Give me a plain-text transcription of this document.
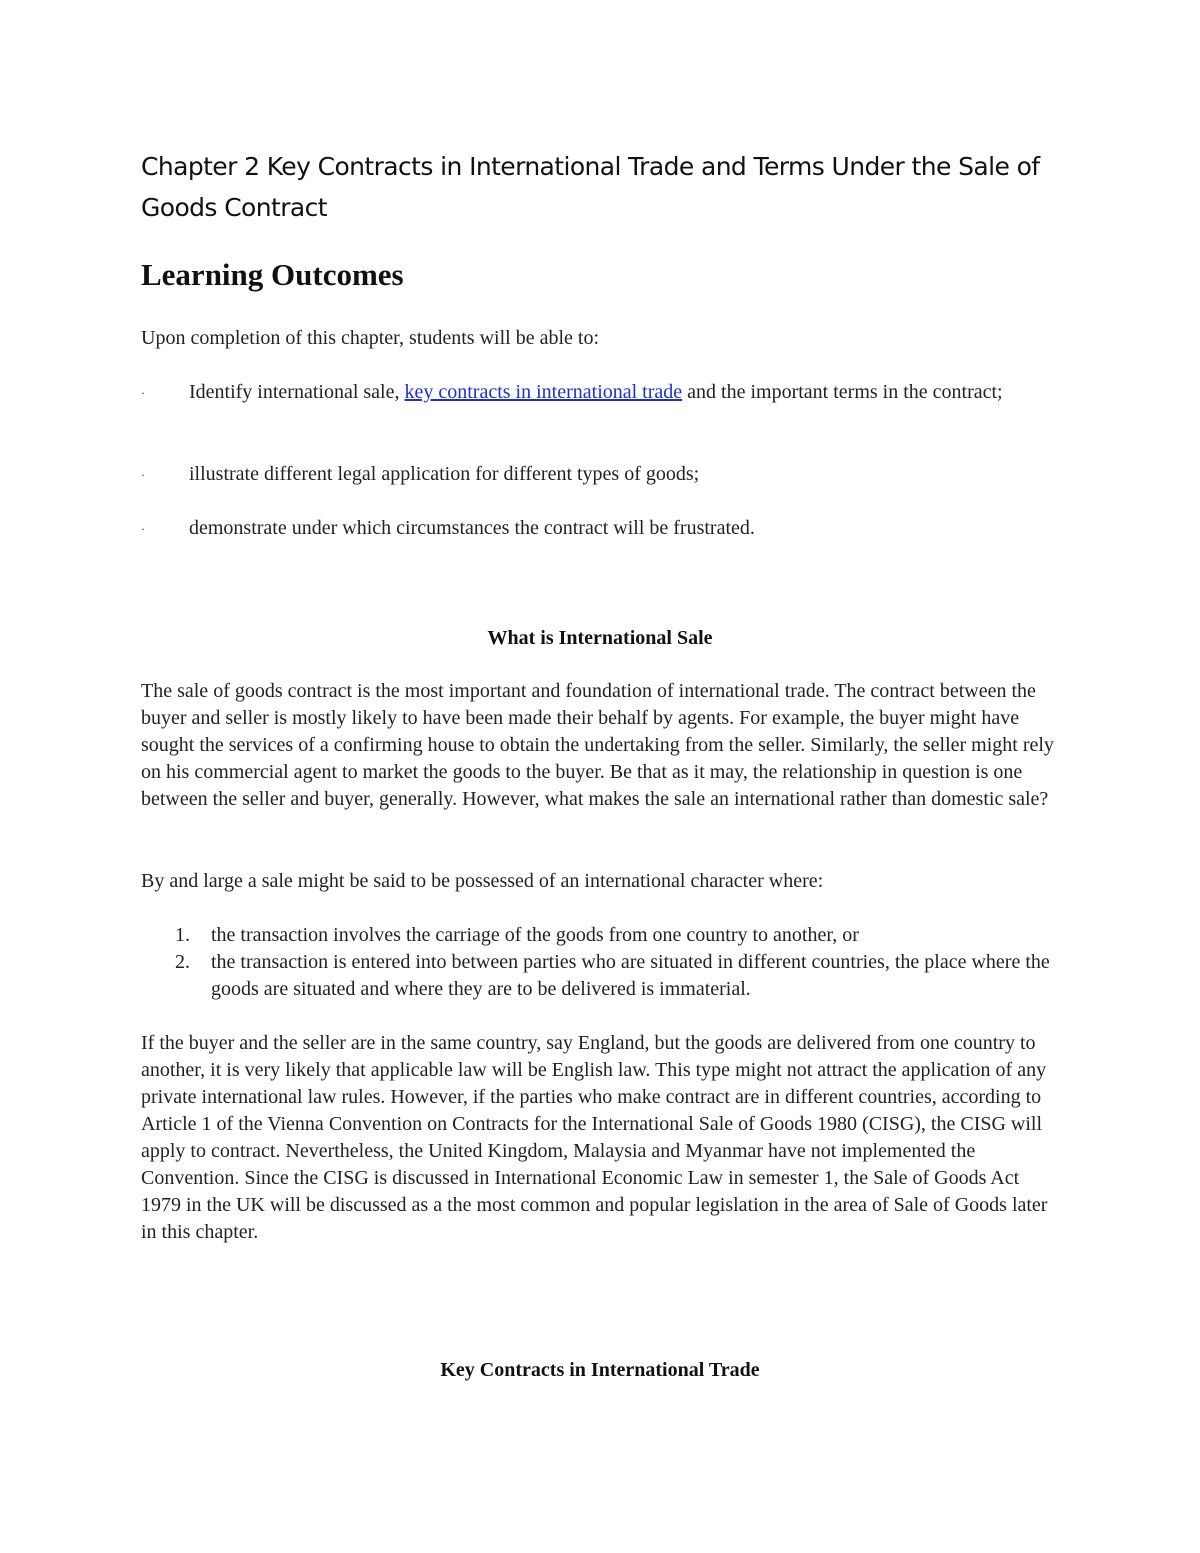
Chapter 2 Key Contracts in International Trade and Terms Under the Sale of Goods Contract
Learning Outcomes
Upon completion of this chapter, students will be able to:
· Identify international sale, key contracts in international trade and the important terms in the contract;
· illustrate different legal application for different types of goods;
· demonstrate under which circumstances the contract will be frustrated.
What is International Sale

The sale of goods contract is the most important and foundation of international trade. The contract between the buyer and seller is mostly likely to have been made their behalf by agents. For example, the buyer might have sought the services of a confirming house to obtain the undertaking from the seller. Similarly, the seller might rely on his commercial agent to market the goods to the buyer. Be that as it may, the relationship in question is one between the seller and buyer, generally. However, what makes the sale an international rather than domestic sale?

By and large a sale might be said to be possessed of an international character where:

1. the transaction involves the carriage of the goods from one country to another, or
2. the transaction is entered into between parties who are situated in different countries, the place where the goods are situated and where they are to be delivered is immaterial.

If the buyer and the seller are in the same country, say England, but the goods are delivered from one country to another, it is very likely that applicable law will be English law. This type might not attract the application of any private international law rules. However, if the parties who make contract are in different countries, according to Article 1 of the Vienna Convention on Contracts for the International Sale of Goods 1980 (CISG), the CISG will apply to contract. Nevertheless, the United Kingdom, Malaysia and Myanmar have not implemented the Convention. Since the CISG is discussed in International Economic Law in semester 1, the Sale of Goods Act 1979 in the UK will be discussed as a the most common and popular legislation in the area of Sale of Goods later in this chapter.

Key Contracts in International Trade
